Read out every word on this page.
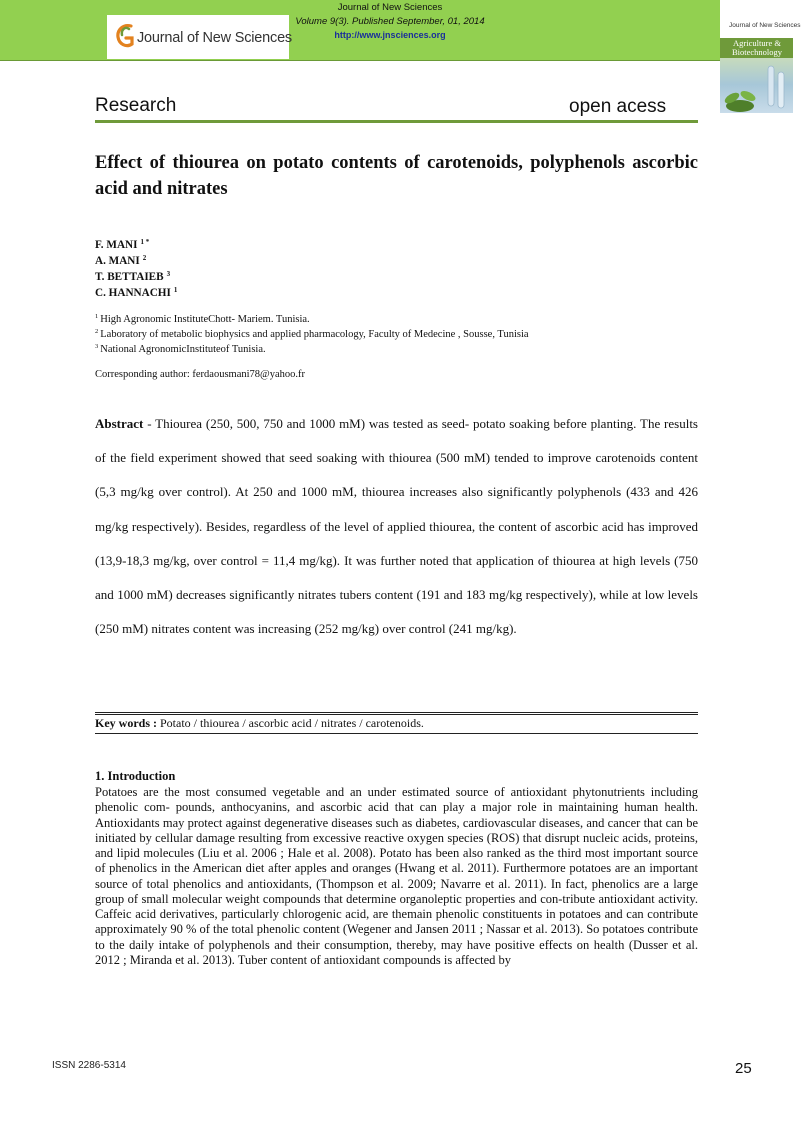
Journal of New Sciences
Journal of New Sciences
Volume 9(3). Published September, 01, 2014
http://www.jnsciences.org
Journal of New Sciences
Agriculture & Biotechnology
Research	open acess
Effect of thiourea on potato contents of carotenoids, polyphenols ascorbic acid and nitrates
F. MANI $^{1 *}$
A. MANI $^2$
T. BETTAIEB $^3$
C. HANNACHI $^1$
$^1$ High Agronomic InstituteChott- Mariem. Tunisia.
$^2$ Laboratory of metabolic biophysics and applied pharmacology, Faculty of Medecine , Sousse, Tunisia
$^3$ National AgronomicInstituteof Tunisia.
Corresponding author: ferdaousmani78@yahoo.fr
Abstract - Thiourea (250, 500, 750 and 1000 mM) was tested as seed- potato soaking before planting. The results of the field experiment showed that seed soaking with thiourea (500 mM) tended to improve carotenoids content (5,3 mg/kg over control). At 250 and 1000 mM, thiourea increases also significantly polyphenols (433 and 426 mg/kg respectively). Besides, regardless of the level of applied thiourea, the content of ascorbic acid has improved (13,9-18,3 mg/kg, over control = 11,4 mg/kg). It was further noted that application of thiourea at high levels (750 and 1000 mM) decreases significantly nitrates tubers content (191 and 183 mg/kg respectively), while at low levels (250 mM) nitrates content was increasing (252 mg/kg) over control (241 mg/kg).
Key words : Potato / thiourea / ascorbic acid / nitrates / carotenoids.
1. Introduction
Potatoes are the most consumed vegetable and an under estimated source of antioxidant phytonutrients including phenolic com- pounds, anthocyanins, and ascorbic acid that can play a major role in maintaining human health. Antioxidants may protect against degenerative diseases such as diabetes, cardiovascular diseases, and cancer that can be initiated by cellular damage resulting from excessive reactive oxygen species (ROS) that disrupt nucleic acids, proteins, and lipid molecules (Liu et al. 2006 ; Hale et al. 2008). Potato has been also ranked as the third most important source of phenolics in the American diet after apples and oranges (Hwang et al. 2011). Furthermore potatoes are an important source of total phenolics and antioxidants, (Thompson et al. 2009; Navarre et al. 2011). In fact, phenolics are a large group of small molecular weight compounds that determine organoleptic properties and con-tribute antioxidant activity. Caffeic acid derivatives, particularly chlorogenic acid, are themain phenolic constituents in potatoes and can contribute approximately 90 % of the total phenolic content (Wegener and Jansen 2011 ; Nassar et al. 2013). So potatoes contribute to the daily intake of polyphenols and their consumption, thereby, may have positive effects on health (Dusser et al. 2012 ; Miranda et al. 2013). Tuber content of antioxidant compounds is affected by
ISSN 2286-5314	25
